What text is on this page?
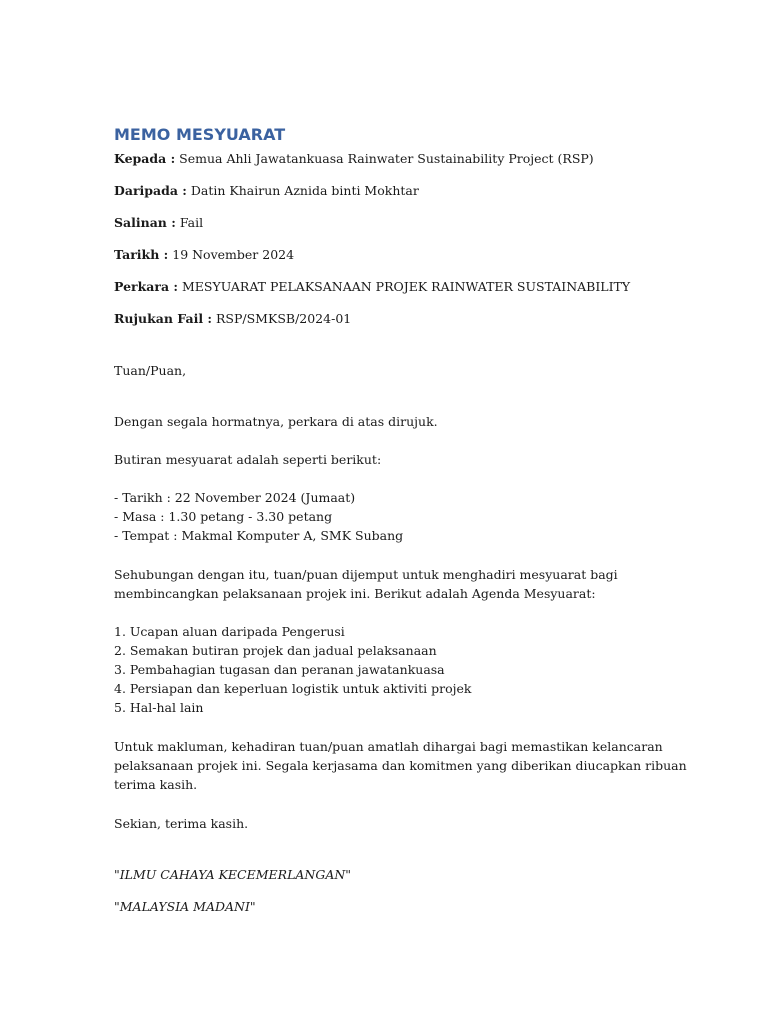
MEMO MESYUARAT
Kepada : Semua Ahli Jawatankuasa Rainwater Sustainability Project (RSP)
Daripada : Datin Khairun Aznida binti Mokhtar
Salinan : Fail
Tarikh : 19 November 2024
Perkara : MESYUARAT PELAKSANAAN PROJEK RAINWATER SUSTAINABILITY
Rujukan Fail : RSP/SMKSB/2024-01
Tuan/Puan,
Dengan segala hormatnya, perkara di atas dirujuk.
Butiran mesyuarat adalah seperti berikut:
- Tarikh : 22 November 2024 (Jumaat)
- Masa : 1.30 petang - 3.30 petang
- Tempat : Makmal Komputer A, SMK Subang
Sehubungan dengan itu, tuan/puan dijemput untuk menghadiri mesyuarat bagi
membincangkan pelaksanaan projek ini. Berikut adalah Agenda Mesyuarat:
1. Ucapan aluan daripada Pengerusi
2. Semakan butiran projek dan jadual pelaksanaan
3. Pembahagian tugasan dan peranan jawatankuasa
4. Persiapan dan keperluan logistik untuk aktiviti projek
5. Hal-hal lain
Untuk makluman, kehadiran tuan/puan amatlah dihargai bagi memastikan kelancaran
pelaksanaan projek ini. Segala kerjasama dan komitmen yang diberikan diucapkan ribuan
terima kasih.
Sekian, terima kasih.
"ILMU CAHAYA KECEMERLANGAN"
"MALAYSIA MADANI"
